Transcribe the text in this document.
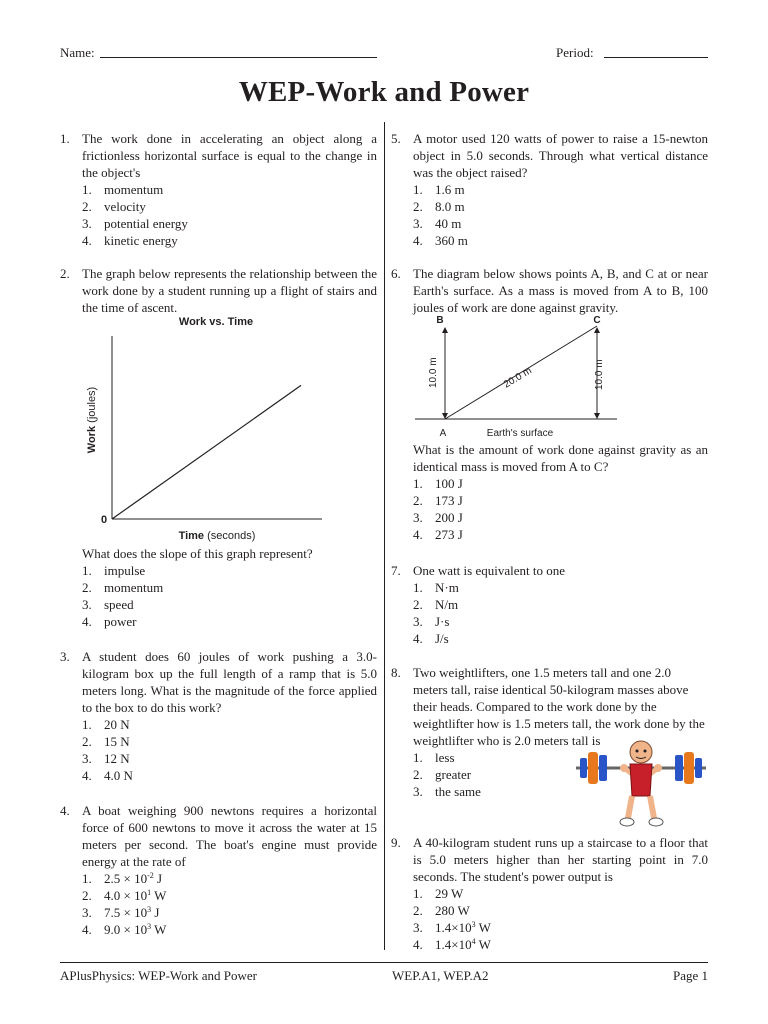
Name:	Period:
WEP-Work and Power
1. The work done in accelerating an object along a frictionless horizontal surface is equal to the change in the object's
1. momentum
2. velocity
3. potential energy
4. kinetic energy
2. The graph below represents the relationship between the work done by a student running up a flight of stairs and the time of ascent.
Work vs. Time
0
Work (joules)
Time (seconds)
What does the slope of this graph represent?
1. impulse
2. momentum
3. speed
4. power
3. A student does 60 joules of work pushing a 3.0-kilogram box up the full length of a ramp that is 5.0 meters long. What is the magnitude of the force applied to the box to do this work?
1. 20 N
2. 15 N
3. 12 N
4. 4.0 N
4. A boat weighing 900 newtons requires a horizontal force of 600 newtons to move it across the water at 15 meters per second. The boat's engine must provide energy at the rate of
1. $2.5 \times 10^{-2}$ J
2. $4.0 \times 10^1$ W
3. $7.5 \times 10^3$ J
4. $9.0 \times 10^3$ W
5. A motor used 120 watts of power to raise a 15-newton object in 5.0 seconds. Through what vertical distance was the object raised?
1. 1.6 m
2. 8.0 m
3. 40 m
4. 360 m
6. The diagram below shows points A, B, and C at or near Earth's surface. As a mass is moved from A to B, 100 joules of work are done against gravity.
B	C
10.0 m	10.0 m
20.0 m
A	Earth's surface
What is the amount of work done against gravity as an identical mass is moved from A to C?
1. 100 J
2. 173 J
3. 200 J
4. 273 J
7. One watt is equivalent to one
1. N·m
2. N/m
3. J·s
4. J/s
8. Two weightlifters, one 1.5 meters tall and one 2.0 meters tall, raise identical 50-kilogram masses above their heads. Compared to the work done by the weightlifter how is 1.5 meters tall, the work done by the weightlifter who is 2.0 meters tall is
1. less
2. greater
3. the same
9. A 40-kilogram student runs up a staircase to a floor that is 5.0 meters higher than her starting point in 7.0 seconds. The student's power output is
1. 29 W
2. 280 W
3. $1.4\times 10^3$ W
4. $1.4\times 10^4$ W
APlusPhysics: WEP-Work and Power	WEP.A1, WEP.A2	Page 1
